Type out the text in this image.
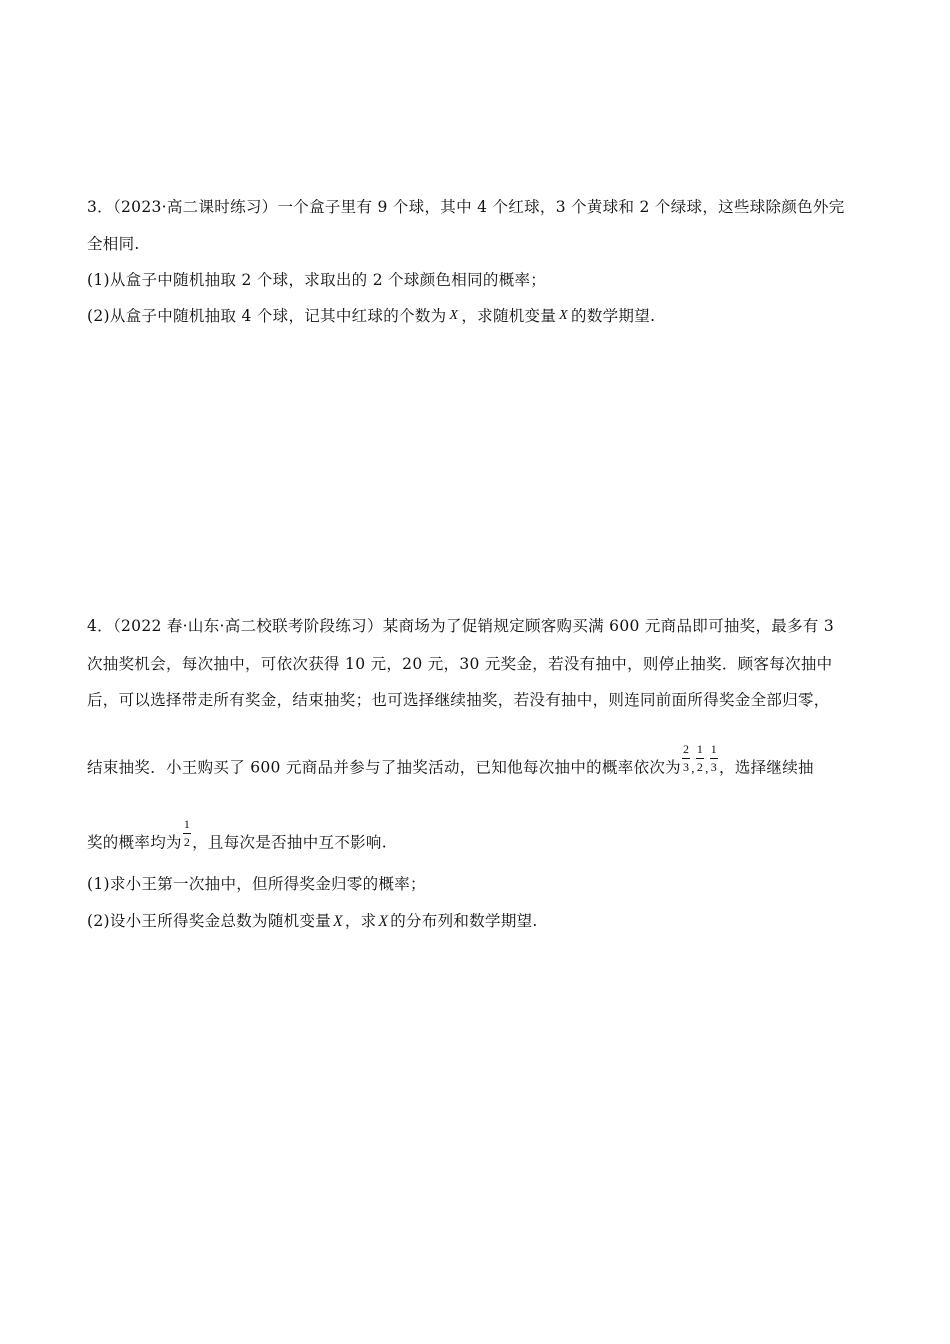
3．（2023·高二课时练习）一个盒子里有 9 个球，其中 4 个红球，3 个黄球和 2 个绿球，这些球除颜色外完
全相同.
(1)从盒子中随机抽取 2 个球，求取出的 2 个球颜色相同的概率；
(2)从盒子中随机抽取 4 个球，记其中红球的个数为 X ，求随机变量 X 的数学期望.
4．（2022 春·山东·高二校联考阶段练习）某商场为了促销规定顾客购买满 600 元商品即可抽奖，最多有 3
次抽奖机会，每次抽中，可依次获得 10 元，20 元，30 元奖金，若没有抽中，则停止抽奖．顾客每次抽中
后，可以选择带走所有奖金，结束抽奖；也可选择继续抽奖，若没有抽中，则连同前面所得奖金全部归零，
结束抽奖．小王购买了 600 元商品并参与了抽奖活动，已知他每次抽中的概率依次为 $\frac{2}{3}$ , $\frac{1}{2}$ , $\frac{1}{3}$ ，选择继续抽
奖的概率均为 $\frac{1}{2}$ ，且每次是否抽中互不影响.
(1)求小王第一次抽中，但所得奖金归零的概率；
(2)设小王所得奖金总数为随机变量 X ，求 X 的分布列和数学期望.
